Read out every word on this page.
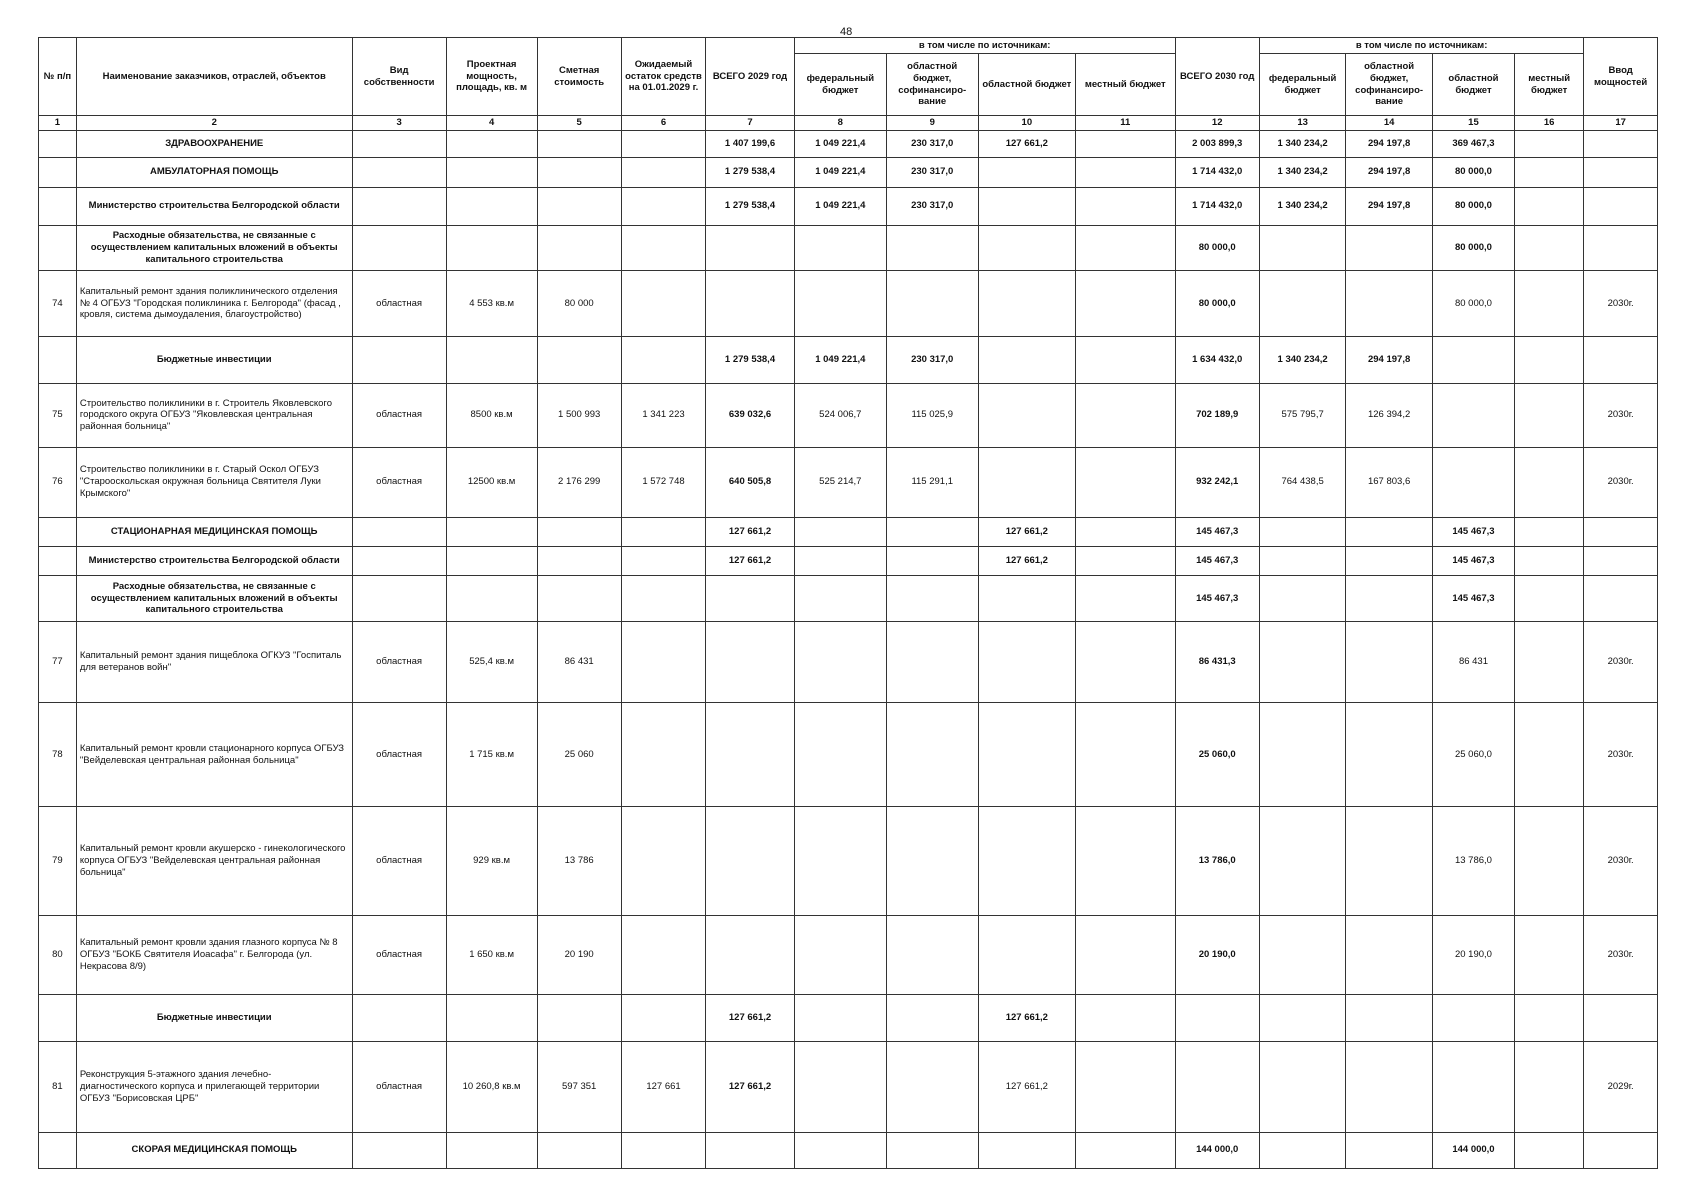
48
№ п/п	Наименование заказчиков, отраслей, объектов	Вид собственности	Проектная мощность, площадь, кв. м	Сметная стоимость	Ожидаемый остаток средств на 01.01.2029 г.	ВСЕГО 2029 год	в том числе по источникам:				ВСЕГО 2030 год	в том числе по источникам:				Ввод мощностей
							федеральный бюджет	областной бюджет, софинансиро-вание	областной бюджет	местный бюджет		федеральный бюджет	областной бюджет, софинансиро-вание	областной бюджет	местный бюджет	
1	2	3	4	5	6	7	8	9	10	11	12	13	14	15	16	17
	ЗДРАВООХРАНЕНИЕ					1 407 199,6	1 049 221,4	230 317,0	127 661,2		2 003 899,3	1 340 234,2	294 197,8	369 467,3		
	АМБУЛАТОРНАЯ ПОМОЩЬ					1 279 538,4	1 049 221,4	230 317,0			1 714 432,0	1 340 234,2	294 197,8	80 000,0		
	Министерство строительства Белгородской области					1 279 538,4	1 049 221,4	230 317,0			1 714 432,0	1 340 234,2	294 197,8	80 000,0		
	Расходные обязательства, не связанные с осуществлением капитальных вложений в объекты капитального строительства										80 000,0			80 000,0		
74	Капитальный ремонт здания поликлинического отделения № 4 ОГБУЗ "Городская поликлиника г. Белгорода" (фасад , кровля, система дымоудаления, благоустройство)	областная	4 553 кв.м	80 000							80 000,0			80 000,0		2030г.
	Бюджетные инвестиции					1 279 538,4	1 049 221,4	230 317,0			1 634 432,0	1 340 234,2	294 197,8			
75	Строительство поликлиники в г. Строитель Яковлевского городского округа ОГБУЗ "Яковлевская центральная районная больница"	областная	8500 кв.м	1 500 993	1 341 223	639 032,6	524 006,7	115 025,9			702 189,9	575 795,7	126 394,2			2030г.
76	Строительство поликлиники в г. Старый Оскол ОГБУЗ "Старооскольская окружная больница Святителя Луки Крымского"	областная	12500 кв.м	2 176 299	1 572 748	640 505,8	525 214,7	115 291,1			932 242,1	764 438,5	167 803,6			2030г.
	СТАЦИОНАРНАЯ МЕДИЦИНСКАЯ ПОМОЩЬ					127 661,2			127 661,2		145 467,3			145 467,3		
	Министерство строительства Белгородской области					127 661,2			127 661,2		145 467,3			145 467,3		
	Расходные обязательства, не связанные с осуществлением капитальных вложений в объекты капитального строительства										145 467,3			145 467,3		
77	Капитальный ремонт здания пищеблока ОГКУЗ "Госпиталь для ветеранов войн"	областная	525,4 кв.м	86 431							86 431,3			86 431		2030г.
78	Капитальный ремонт кровли стационарного корпуса ОГБУЗ "Вейделевская центральная районная больница"	областная	1 715 кв.м	25 060							25 060,0			25 060,0		2030г.
79	Капитальный ремонт кровли акушерско - гинекологического корпуса ОГБУЗ "Вейделевская центральная районная больница"	областная	929 кв.м	13 786							13 786,0			13 786,0		2030г.
80	Капитальный ремонт кровли здания глазного корпуса № 8 ОГБУЗ "БОКБ Святителя Иоасафа" г. Белгорода (ул. Некрасова 8/9)	областная	1 650 кв.м	20 190							20 190,0			20 190,0		2030г.
	Бюджетные инвестиции					127 661,2			127 661,2							
81	Реконструкция 5-этажного здания лечебно-диагностического корпуса и прилегающей территории ОГБУЗ "Борисовская ЦРБ"	областная	10 260,8 кв.м	597 351	127 661	127 661,2			127 661,2							2029г.
	СКОРАЯ МЕДИЦИНСКАЯ ПОМОЩЬ										144 000,0			144 000,0		
